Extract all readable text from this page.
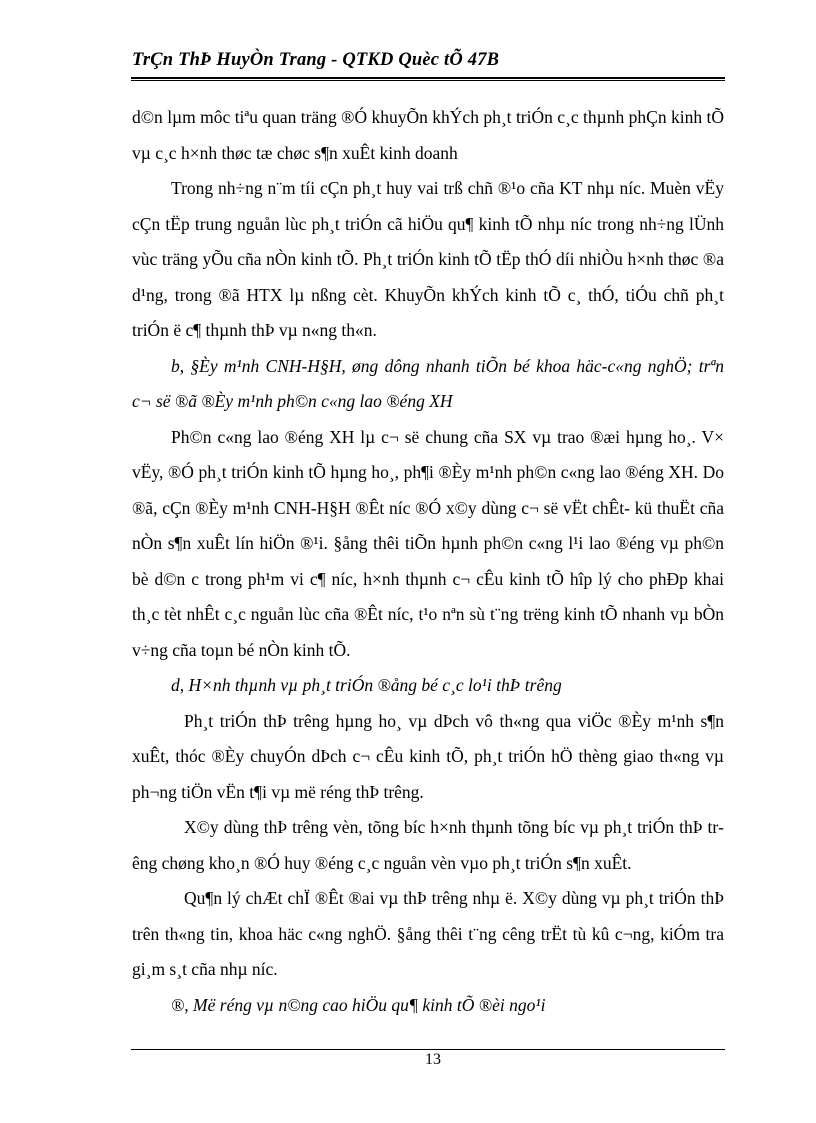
TrÇn ThÞ HuyÒn Trang - QTKD Quèc tÕ 47B

d©n lµm môc tiªu quan träng ®Ó khuyÕn khÝch ph¸t triÓn c¸c thµnh phÇn kinh tÕ vµ c¸c h×nh thøc tæ chøc s¶n xuÊt kinh doanh

Trong nh÷ng n¨m tíi cÇn ph¸t huy vai trß chñ ®¹o cña KT nhµ níc. Muèn vËy cÇn tËp trung nguån lùc ph¸t triÓn cã hiÖu qu¶ kinh tÕ nhµ níc trong nh÷ng lÜnh vùc träng yÕu cña nÒn kinh tÕ. Ph¸t triÓn kinh tÕ tËp thÓ díi nhiÒu h×nh thøc ®a d¹ng, trong ®ã HTX lµ nßng cèt. KhuyÕn khÝch kinh tÕ c¸ thÓ, tiÓu chñ ph¸t triÓn ë c¶ thµnh thÞ vµ n«ng th«n.

b, §Èy m¹nh CNH-H§H, øng dông nhanh tiÕn bé khoa häc-c«ng nghÖ; trªn c¬ së ®ã ®Èy m¹nh ph©n c«ng lao ®éng XH

Ph©n c«ng lao ®éng XH lµ c¬ së chung cña SX vµ trao ®æi hµng ho¸. V× vËy, ®Ó ph¸t triÓn kinh tÕ hµng ho¸, ph¶i ®Èy m¹nh ph©n c«ng lao ®éng XH. Do ®ã, cÇn ®Èy m¹nh CNH-H§H ®Êt níc ®Ó x©y dùng c¬ së vËt chÊt- kü thuËt cña nÒn s¶n xuÊt lín hiÖn ®¹i. §ång thêi tiÕn hµnh ph©n c«ng l¹i lao ®éng vµ ph©n bè d©n c trong ph¹m vi c¶ níc, h×nh thµnh c¬ cÊu kinh tÕ hîp lý cho phÐp khai th¸c tèt nhÊt c¸c nguån lùc cña ®Êt níc, t¹o nªn sù t¨ng trëng kinh tÕ nhanh vµ bÒn v÷ng cña toµn bé nÒn kinh tÕ.

d, H×nh thµnh vµ ph¸t triÓn ®ång bé c¸c lo¹i thÞ trêng

Ph¸t triÓn thÞ trêng hµng ho¸ vµ dÞch vô th«ng qua viÖc ®Èy m¹nh s¶n xuÊt, thóc ®Èy chuyÓn dÞch c¬ cÊu kinh tÕ, ph¸t triÓn hÖ thèng giao th«ng vµ ph¬ng tiÖn vËn t¶i vµ më réng thÞ trêng.

X©y dùng thÞ trêng vèn, tõng bíc h×nh thµnh tõng bíc vµ ph¸t triÓn thÞ trêng chøng kho¸n ®Ó huy ®éng c¸c nguån vèn vµo ph¸t triÓn s¶n xuÊt.

Qu¶n lý chÆt chÏ ®Êt ®ai vµ thÞ trêng nhµ ë. X©y dùng vµ ph¸t triÓn thÞ trên th«ng tin, khoa häc c«ng nghÖ. §ång thêi t¨ng cêng trËt tù kû c¬ng, kiÓm tra gi¸m s¸t cña nhµ níc.

®, Më réng vµ n©ng cao hiÖu qu¶ kinh tÕ ®èi ngo¹i

13
